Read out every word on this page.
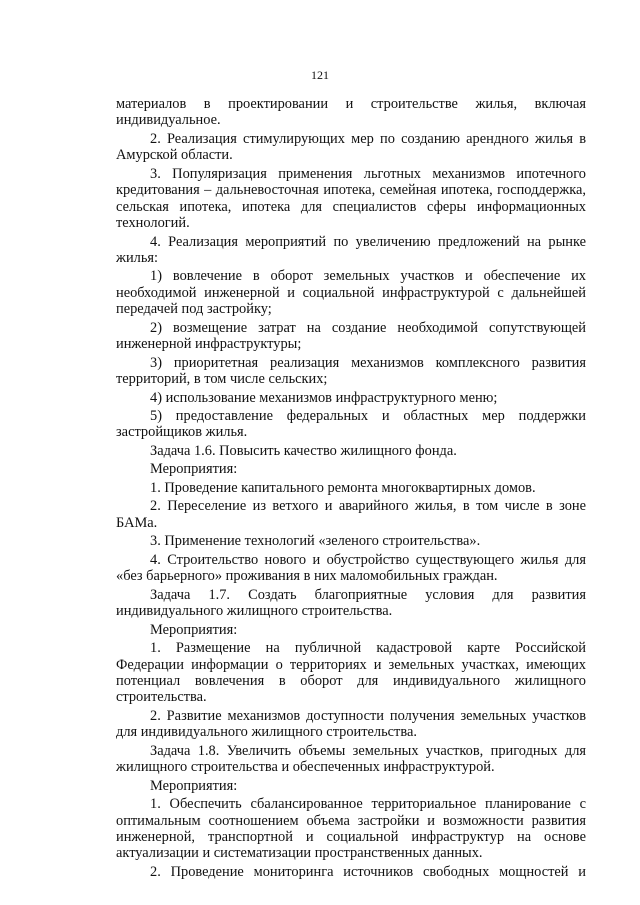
121

материалов в проектировании и строительстве жилья, включая индивидуальное.

2. Реализация стимулирующих мер по созданию арендного жилья в Амурской области.

3. Популяризация применения льготных механизмов ипотечного кредитования – дальневосточная ипотека, семейная ипотека, господдержка, сельская ипотека, ипотека для специалистов сферы информационных технологий.

4. Реализация мероприятий по увеличению предложений на рынке жилья:

1) вовлечение в оборот земельных участков и обеспечение их необходимой инженерной и социальной инфраструктурой с дальнейшей передачей под застройку;

2) возмещение затрат на создание необходимой сопутствующей инженерной инфраструктуры;

3) приоритетная реализация механизмов комплексного развития территорий, в том числе сельских;

4) использование механизмов инфраструктурного меню;

5) предоставление федеральных и областных мер поддержки застройщиков жилья.

Задача 1.6. Повысить качество жилищного фонда.

Мероприятия:

1. Проведение капитального ремонта многоквартирных домов.

2. Переселение из ветхого и аварийного жилья, в том числе в зоне БАМа.

3. Применение технологий «зеленого строительства».

4. Строительство нового и обустройство существующего жилья для «без барьерного» проживания в них маломобильных граждан.

Задача 1.7. Создать благоприятные условия для развития индивидуального жилищного строительства.

Мероприятия:

1. Размещение на публичной кадастровой карте Российской Федерации информации о территориях и земельных участках, имеющих потенциал вовлечения в оборот для индивидуального жилищного строительства.

2. Развитие механизмов доступности получения земельных участков для индивидуального жилищного строительства.

Задача 1.8. Увеличить объемы земельных участков, пригодных для жилищного строительства и обеспеченных инфраструктурой.

Мероприятия:

1. Обеспечить сбалансированное территориальное планирование с оптимальным соотношением объема застройки и возможности развития инженерной, транспортной и социальной инфраструктур на основе актуализации и систематизации пространственных данных.

2. Проведение мониторинга источников свободных мощностей и
